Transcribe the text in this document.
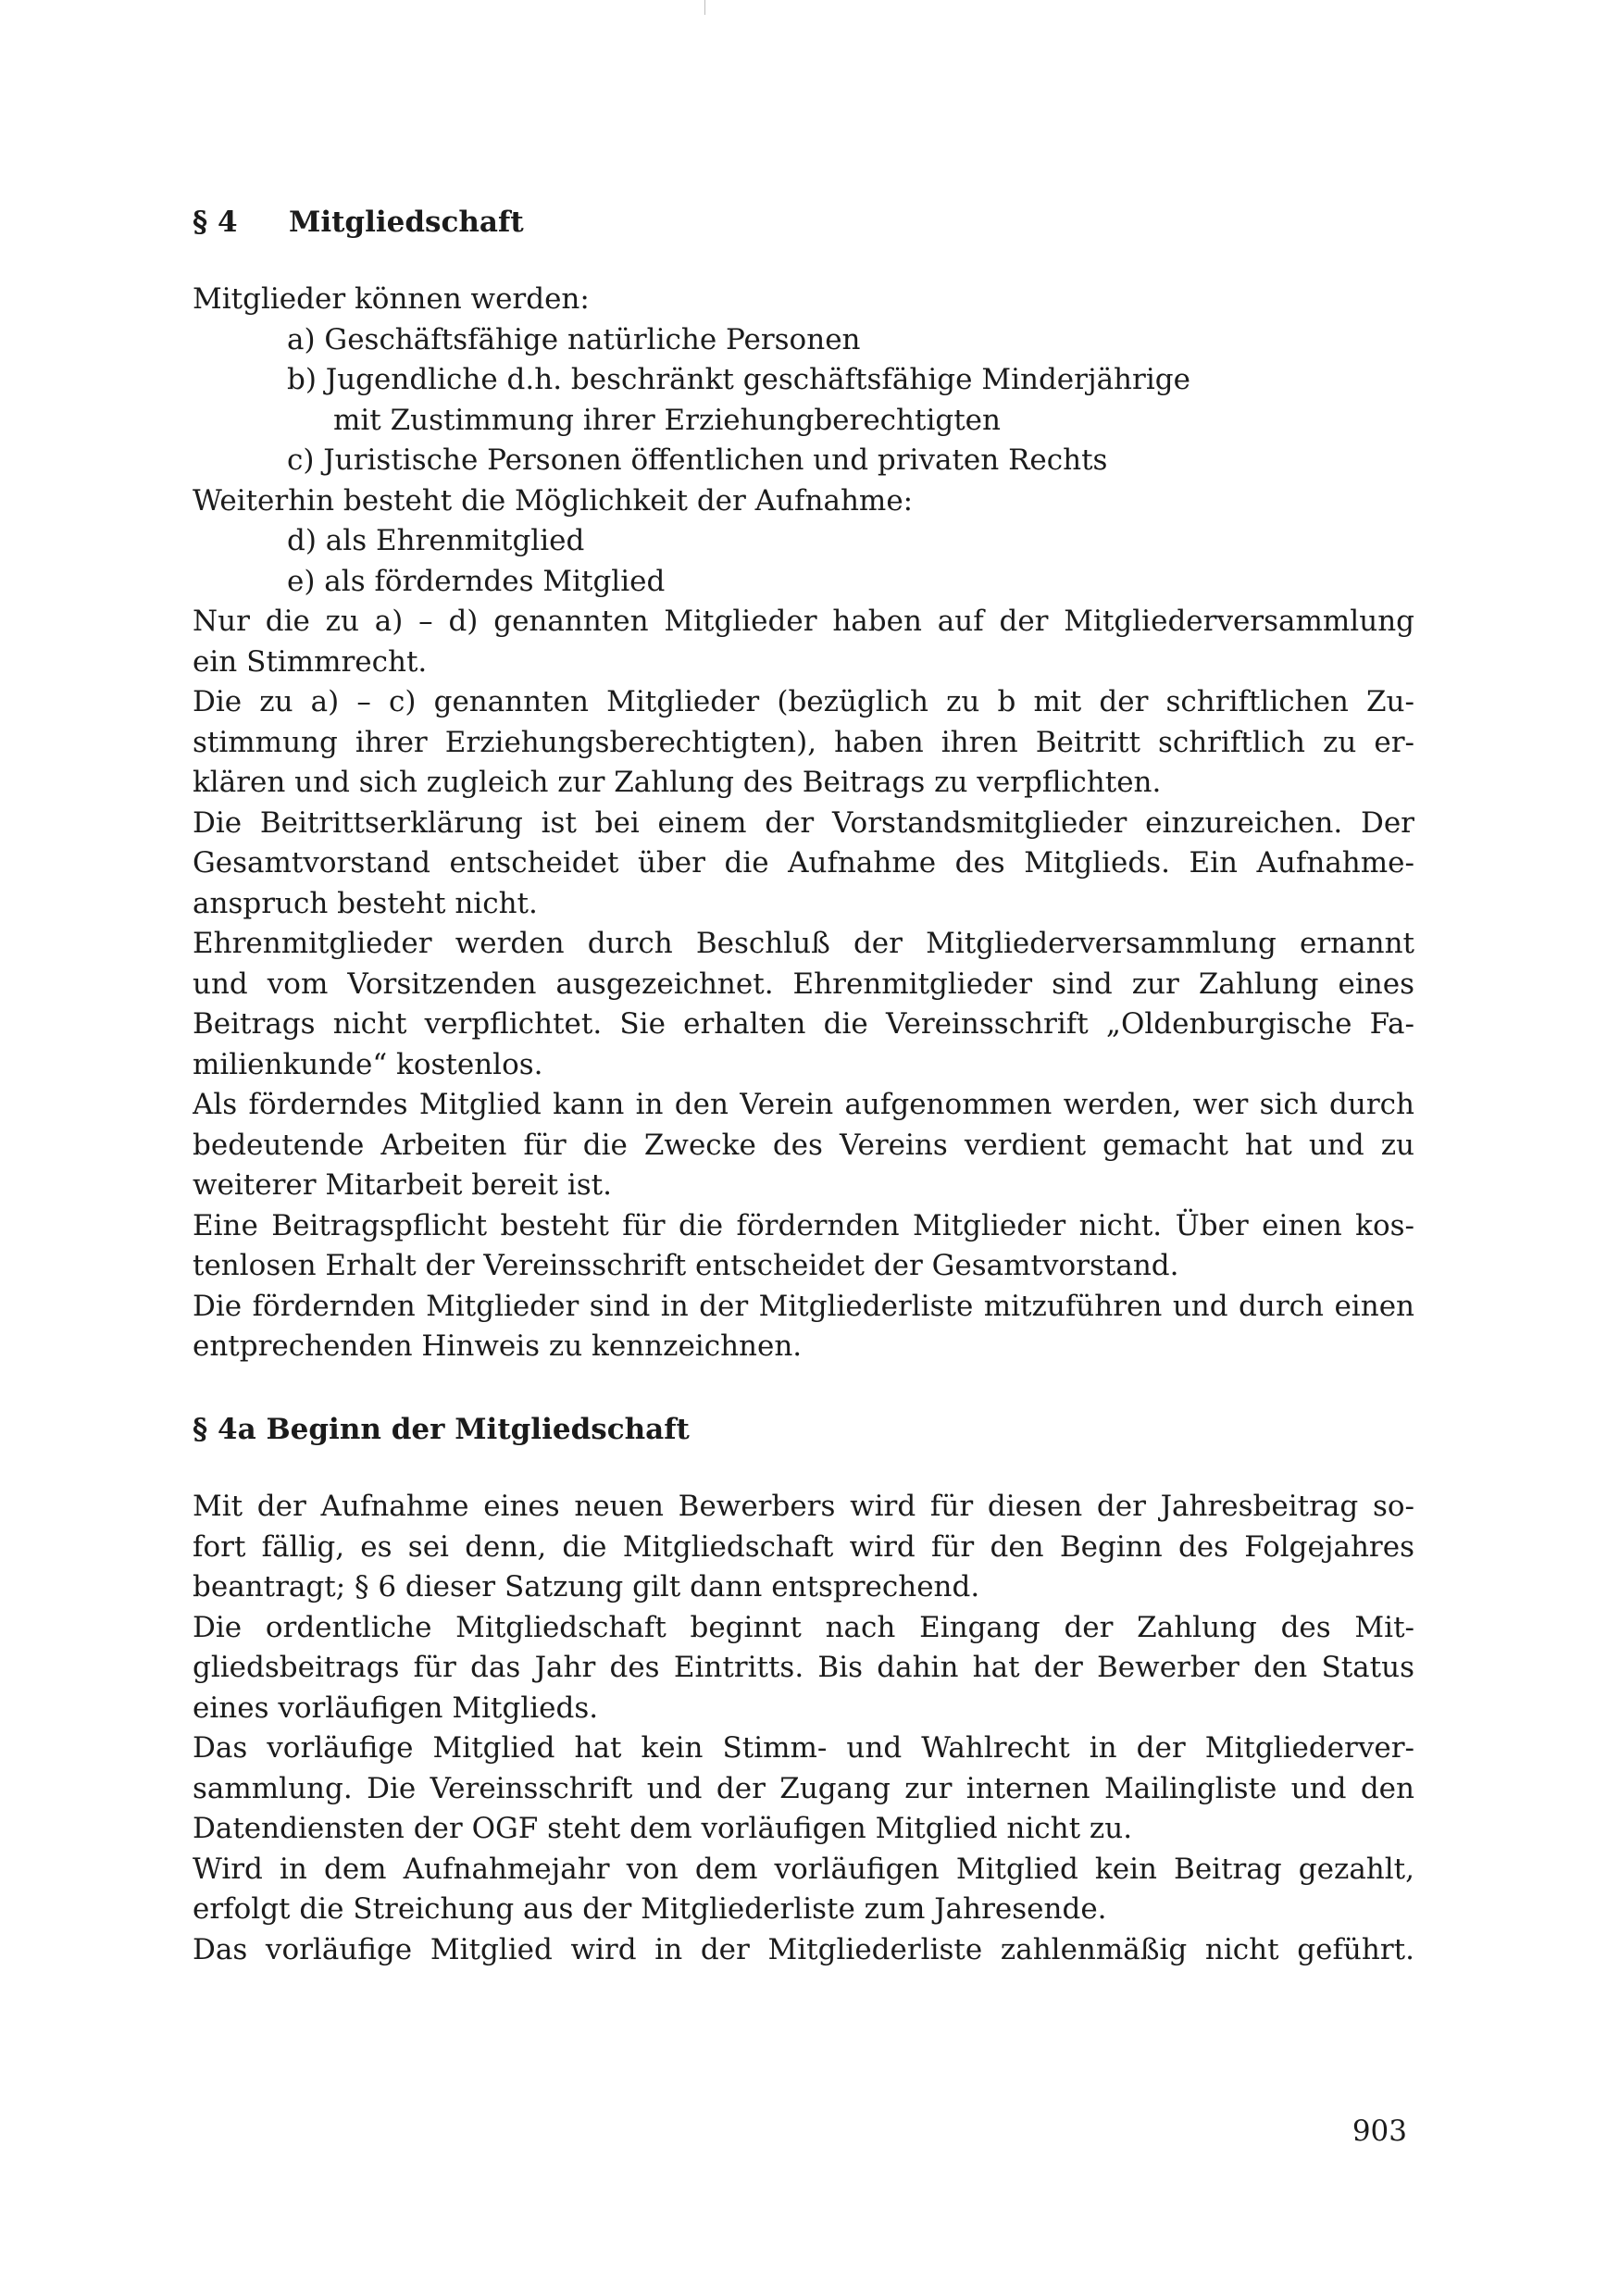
§ 4 Mitgliedschaft
Mitglieder können werden:
a) Geschäftsfähige natürliche Personen
b) Jugendliche d.h. beschränkt geschäftsfähige Minderjährige
mit Zustimmung ihrer Erziehungberechtigten
c) Juristische Personen öffentlichen und privaten Rechts
Weiterhin besteht die Möglichkeit der Aufnahme:
d) als Ehrenmitglied
e) als förderndes Mitglied
Nur die zu a) – d) genannten Mitglieder haben auf der Mitgliederversammlung
ein Stimmrecht.
Die zu a) – c) genannten Mitglieder (bezüglich zu b mit der schriftlichen Zu-
stimmung ihrer Erziehungsberechtigten), haben ihren Beitritt schriftlich zu er-
klären und sich zugleich zur Zahlung des Beitrags zu verpflichten.
Die Beitrittserklärung ist bei einem der Vorstandsmitglieder einzureichen. Der
Gesamtvorstand entscheidet über die Aufnahme des Mitglieds. Ein Aufnahme-
anspruch besteht nicht.
Ehrenmitglieder werden durch Beschluß der Mitgliederversammlung ernannt
und vom Vorsitzenden ausgezeichnet. Ehrenmitglieder sind zur Zahlung eines
Beitrags nicht verpflichtet. Sie erhalten die Vereinsschrift „Oldenburgische Fa-
milienkunde“ kostenlos.
Als förderndes Mitglied kann in den Verein aufgenommen werden, wer sich durch
bedeutende Arbeiten für die Zwecke des Vereins verdient gemacht hat und zu
weiterer Mitarbeit bereit ist.
Eine Beitragspflicht besteht für die fördernden Mitglieder nicht. Über einen kos-
tenlosen Erhalt der Vereinsschrift entscheidet der Gesamtvorstand.
Die fördernden Mitglieder sind in der Mitgliederliste mitzuführen und durch einen
entprechenden Hinweis zu kennzeichnen.
§ 4a Beginn der Mitgliedschaft
Mit der Aufnahme eines neuen Bewerbers wird für diesen der Jahresbeitrag so-
fort fällig, es sei denn, die Mitgliedschaft wird für den Beginn des Folgejahres
beantragt; § 6 dieser Satzung gilt dann entsprechend.
Die ordentliche Mitgliedschaft beginnt nach Eingang der Zahlung des Mit-
gliedsbeitrags für das Jahr des Eintritts. Bis dahin hat der Bewerber den Status
eines vorläufigen Mitglieds.
Das vorläufige Mitglied hat kein Stimm- und Wahlrecht in der Mitgliederver-
sammlung. Die Vereinsschrift und der Zugang zur internen Mailingliste und den
Datendiensten der OGF steht dem vorläufigen Mitglied nicht zu.
Wird in dem Aufnahmejahr von dem vorläufigen Mitglied kein Beitrag gezahlt,
erfolgt die Streichung aus der Mitgliederliste zum Jahresende.
Das vorläufige Mitglied wird in der Mitgliederliste zahlenmäßig nicht geführt.
903
